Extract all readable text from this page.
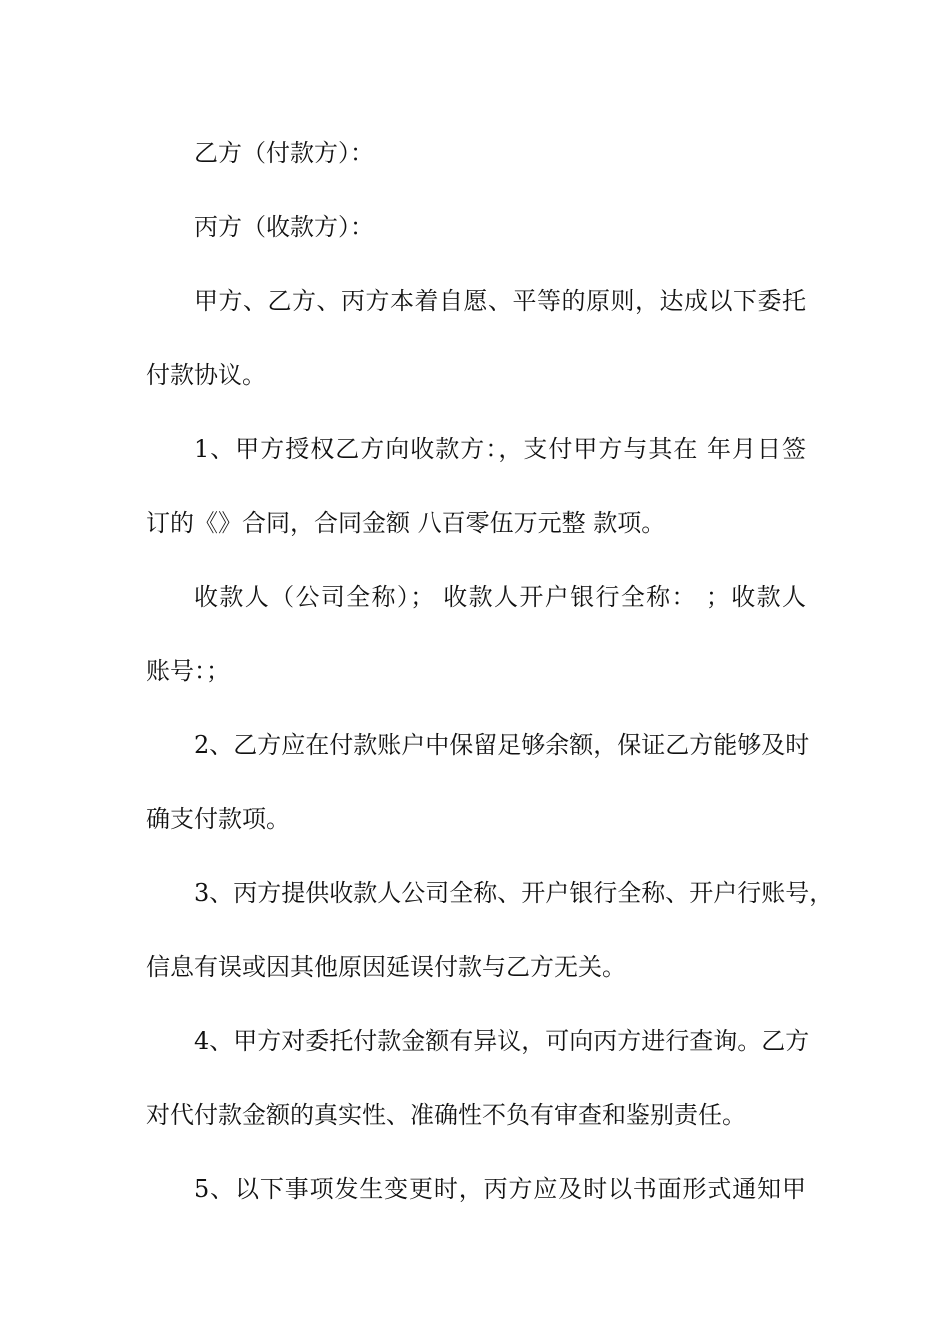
乙方（付款方）：
丙方（收款方）：
甲方、乙方、丙方本着自愿、平等的原则，达成以下委托
付款协议。
1、甲方授权乙方向收款方：，支付甲方与其在 年月日签
订的《》合同，合同金额 八百零伍万元整 款项。
收款人（公司全称）； 收款人开户银行全称： ；收款人
账号：；
2、乙方应在付款账户中保留足够余额，保证乙方能够及时
确支付款项。
3、丙方提供收款人公司全称、开户银行全称、开户行账号，
信息有误或因其他原因延误付款与乙方无关。
4、甲方对委托付款金额有异议，可向丙方进行查询。乙方
对代付款金额的真实性、准确性不负有审查和鉴别责任。
5、以下事项发生变更时，丙方应及时以书面形式通知甲
